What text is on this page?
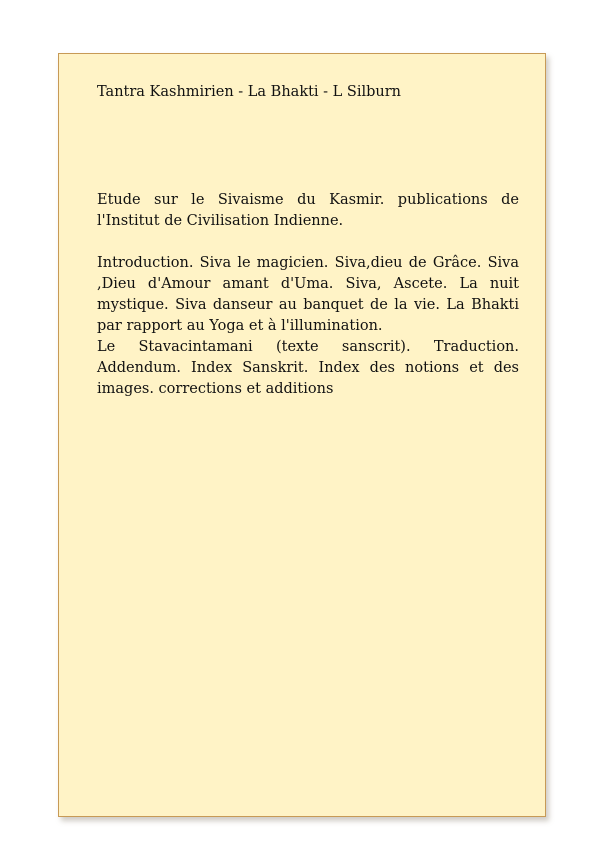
Tantra Kashmirien - La Bhakti - L Silburn

Etude sur le Sivaisme du Kasmir. publications de l'Institut de Civilisation Indienne.

Introduction. Siva le magicien. Siva,dieu de Grâce. Siva ,Dieu d'Amour amant d'Uma. Siva, Ascete. La nuit mystique. Siva danseur au banquet de la vie. La Bhakti par rapport au Yoga et à l'illumination.

Le Stavacintamani (texte sanscrit). Traduction. Addendum. Index Sanskrit. Index des notions et des images. corrections et additions
